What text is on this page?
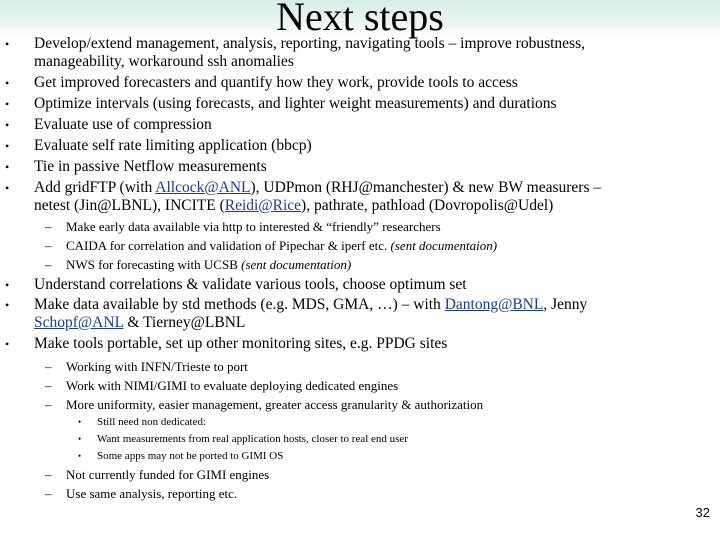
Next steps
• Develop/extend management, analysis, reporting, navigating tools – improve robustness,
manageability, workaround ssh anomalies
• Get improved forecasters and quantify how they work, provide tools to access
• Optimize intervals (using forecasts, and lighter weight measurements) and durations
• Evaluate use of compression
• Evaluate self rate limiting application (bbcp)
• Tie in passive Netflow measurements
• Add gridFTP (with Allcock@ANL), UDPmon (RHJ@manchester) & new BW measurers –
netest (Jin@LBNL), INCITE (Reidi@Rice), pathrate, pathload (Dovropolis@Udel)
– Make early data available via http to interested & “friendly” researchers
– CAIDA for correlation and validation of Pipechar & iperf etc. (sent documentaion)
– NWS for forecasting with UCSB (sent documentation)
• Understand correlations & validate various tools, choose optimum set
• Make data available by std methods (e.g. MDS, GMA, …) – with Dantong@BNL, Jenny
Schopf@ANL & Tierney@LBNL
• Make tools portable, set up other monitoring sites, e.g. PPDG sites
– Working with INFN/Trieste to port
– Work with NIMI/GIMI to evaluate deploying dedicated engines
– More uniformity, easier management, greater access granularity & authorization
• Still need non dedicated:
• Want measurements from real application hosts, closer to real end user
• Some apps may not be ported to GIMI OS
– Not currently funded for GIMI engines
– Use same analysis, reporting etc.
32
